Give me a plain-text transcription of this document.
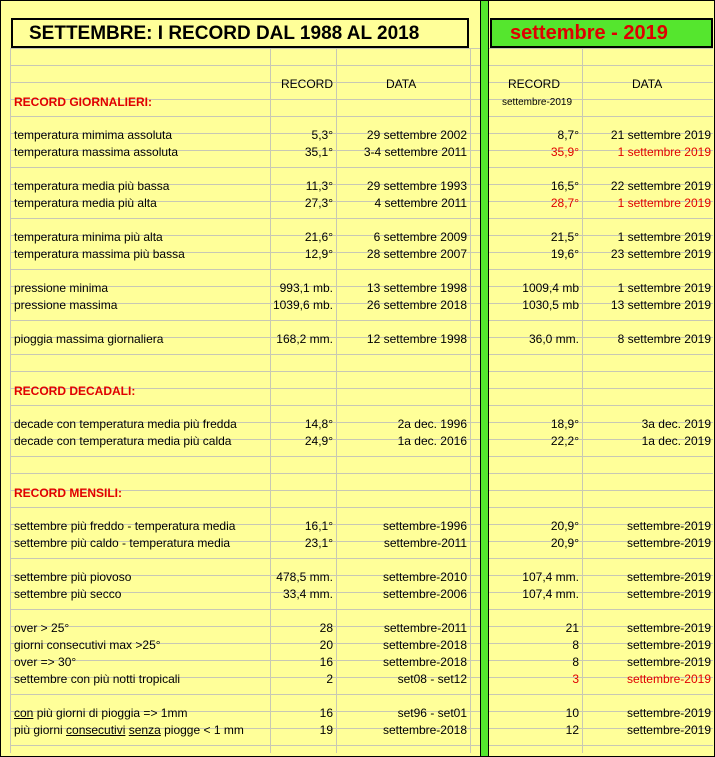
SETTEMBRE: I RECORD DAL 1988 AL 2018	settembre - 2019
RECORD	DATA	RECORD	DATA
settembre-2019
RECORD GIORNALIERI:
RECORD DECADALI:
RECORD MENSILI:
temperatura mimima assoluta	5,3°	29 settembre 2002	8,7°	21 settembre 2019
temperatura massima assoluta	35,1°	3-4 settembre 2011	35,9°	1 settembre 2019
temperatura media più bassa	11,3°	29 settembre 1993	16,5°	22 settembre 2019
temperatura media più alta	27,3°	4 settembre 2011	28,7°	1 settembre 2019
temperatura minima più alta	21,6°	6 settembre 2009	21,5°	1 settembre 2019
temperatura massima più bassa	12,9°	28 settembre 2007	19,6°	23 settembre 2019
pressione minima	993,1 mb.	13 settembre 1998	1009,4 mb	1 settembre 2019
pressione massima	1039,6 mb.	26 settembre 2018	1030,5 mb	13 settembre 2019
pioggia massima giornaliera	168,2 mm.	12 settembre 1998	36,0 mm.	8 settembre 2019
decade con temperatura media più fredda	14,8°	2a dec. 1996	18,9°	3a dec. 2019
decade con temperatura media più calda	24,9°	1a dec. 2016	22,2°	1a dec. 2019
settembre più freddo - temperatura media	16,1°	settembre-1996	20,9°	settembre-2019
settembre più caldo - temperatura media	23,1°	settembre-2011	20,9°	settembre-2019
settembre più piovoso	478,5 mm.	settembre-2010	107,4 mm.	settembre-2019
settembre più secco	33,4 mm.	settembre-2006	107,4 mm.	settembre-2019
over > 25°	28	settembre-2011	21	settembre-2019
giorni consecutivi max >25°	20	settembre-2018	8	settembre-2019
over => 30°	16	settembre-2018	8	settembre-2019
settembre con più notti tropicali	2	set08 - set12	3	settembre-2019
con più giorni di pioggia => 1mm	16	set96 - set01	10	settembre-2019
più giorni consecutivi senza piogge < 1 mm	19	settembre-2018	12	settembre-2019
